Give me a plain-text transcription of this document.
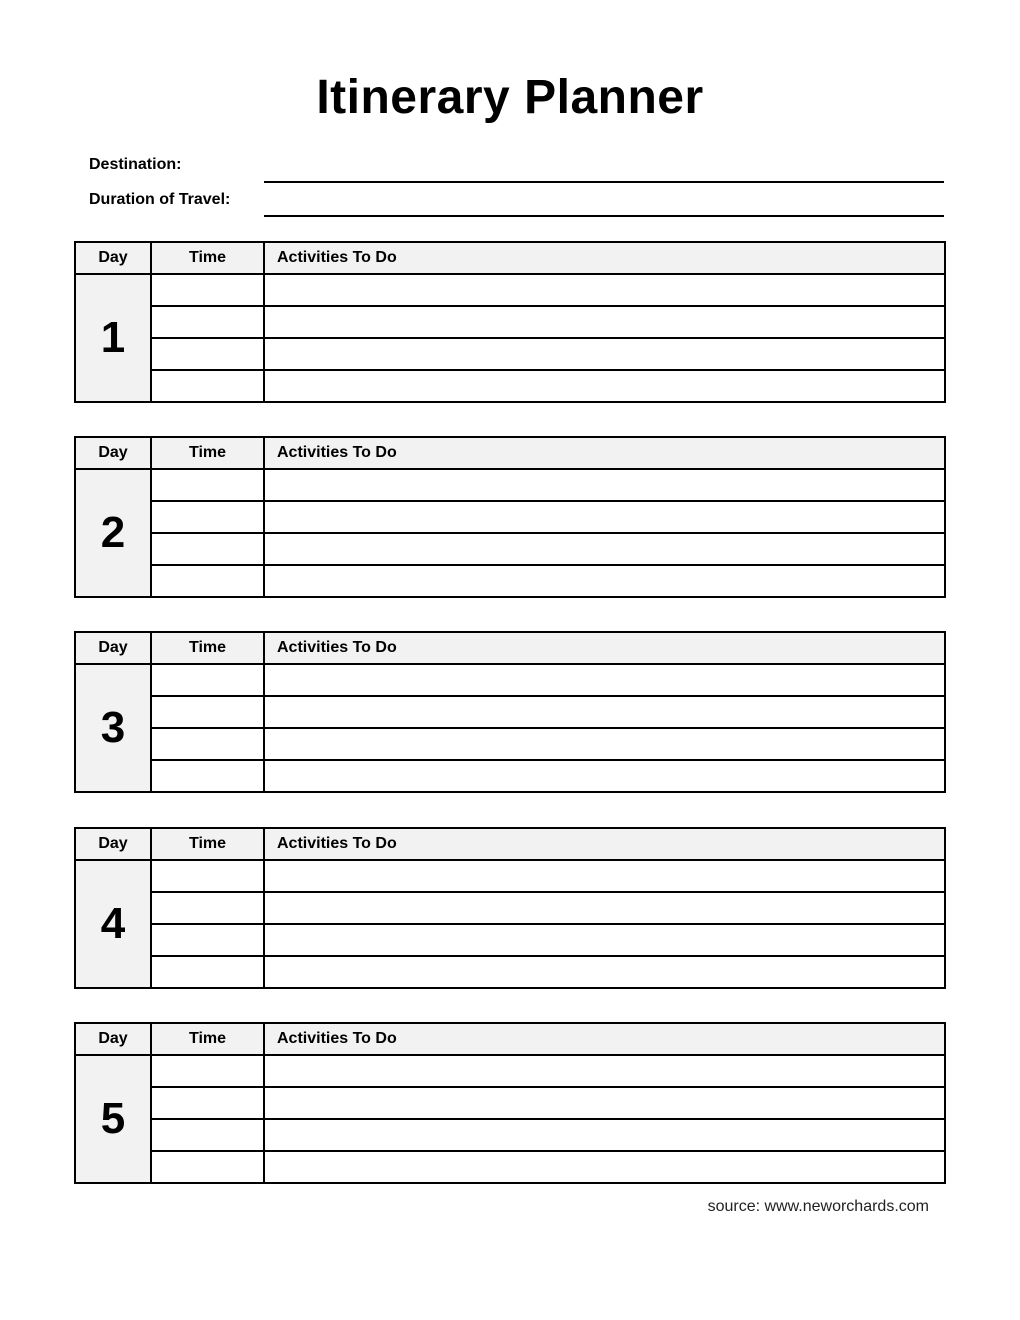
Itinerary Planner
Destination:
Duration of Travel:
Day	Time	Activities To Do
1		

Day	Time	Activities To Do
2		

Day	Time	Activities To Do
3		

Day	Time	Activities To Do
4		

Day	Time	Activities To Do
5		

source: www.neworchards.com
